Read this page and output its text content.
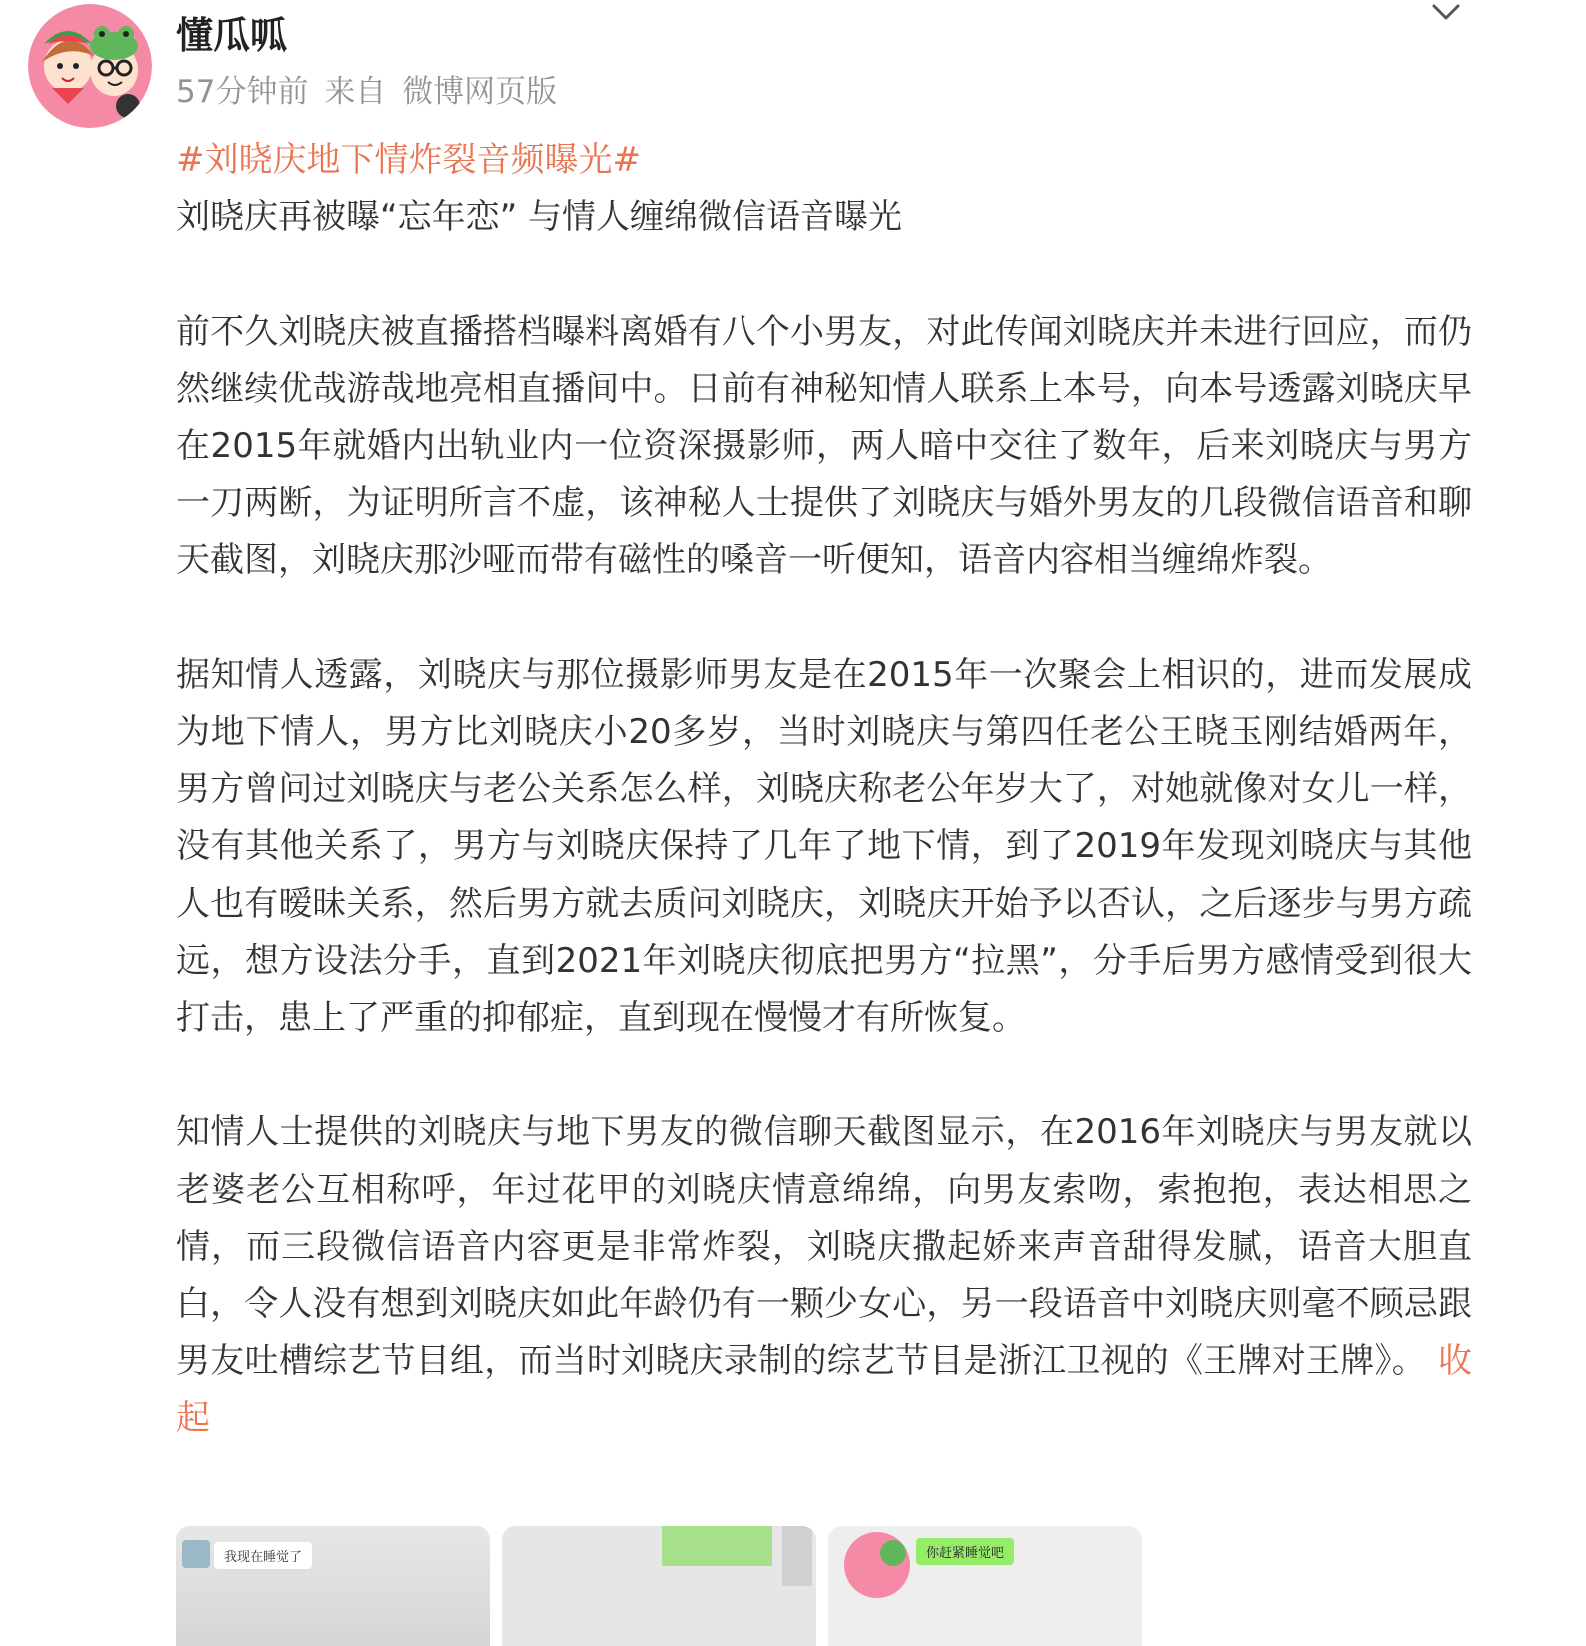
懂瓜呱
57分钟前 来自 微博网页版
#刘晓庆地下情炸裂音频曝光#
刘晓庆再被曝“忘年恋” 与情人缠绵微信语音曝光

前不久刘晓庆被直播搭档曝料离婚有八个小男友，对此传闻刘晓庆并未进行回应，而仍然继续优哉游哉地亮相直播间中。日前有神秘知情人联系上本号，向本号透露刘晓庆早在2015年就婚内出轨业内一位资深摄影师，两人暗中交往了数年，后来刘晓庆与男方一刀两断，为证明所言不虚，该神秘人士提供了刘晓庆与婚外男友的几段微信语音和聊天截图，刘晓庆那沙哑而带有磁性的嗓音一听便知，语音内容相当缠绵炸裂。

据知情人透露，刘晓庆与那位摄影师男友是在2015年一次聚会上相识的，进而发展成为地下情人，男方比刘晓庆小20多岁，当时刘晓庆与第四任老公王晓玉刚结婚两年，男方曾问过刘晓庆与老公关系怎么样，刘晓庆称老公年岁大了，对她就像对女儿一样，没有其他关系了，男方与刘晓庆保持了几年了地下情，到了2019年发现刘晓庆与其他人也有暧昧关系，然后男方就去质问刘晓庆，刘晓庆开始予以否认，之后逐步与男方疏远，想方设法分手，直到2021年刘晓庆彻底把男方“拉黑”，分手后男方感情受到很大打击，患上了严重的抑郁症，直到现在慢慢才有所恢复。

知情人士提供的刘晓庆与地下男友的微信聊天截图显示，在2016年刘晓庆与男友就以老婆老公互相称呼，年过花甲的刘晓庆情意绵绵，向男友索吻，索抱抱，表达相思之情，而三段微信语音内容更是非常炸裂，刘晓庆撒起娇来声音甜得发腻，语音大胆直白，令人没有想到刘晓庆如此年龄仍有一颗少女心，另一段语音中刘晓庆则毫不顾忌跟男友吐槽综艺节目组，而当时刘晓庆录制的综艺节目是浙江卫视的《王牌对王牌》。 收起

我现在睡觉了	你赶紧睡觉吧
